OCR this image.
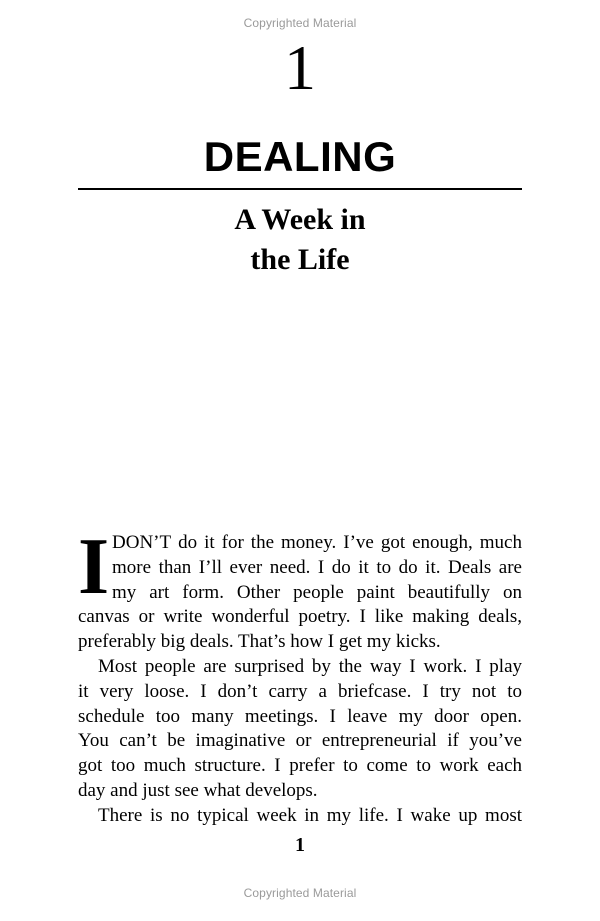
Copyrighted Material
1
DEALING
A Week in
the Life
I DON’T do it for the money. I’ve got enough, much
more than I’ll ever need. I do it to do it. Deals are
my art form. Other people paint beautifully on
canvas or write wonderful poetry. I like making deals,
preferably big deals. That’s how I get my kicks.
Most people are surprised by the way I work. I play
it very loose. I don’t carry a briefcase. I try not to
schedule too many meetings. I leave my door open.
You can’t be imaginative or entrepreneurial if you’ve
got too much structure. I prefer to come to work each
day and just see what develops.
There is no typical week in my life. I wake up most
1
Copyrighted Material
